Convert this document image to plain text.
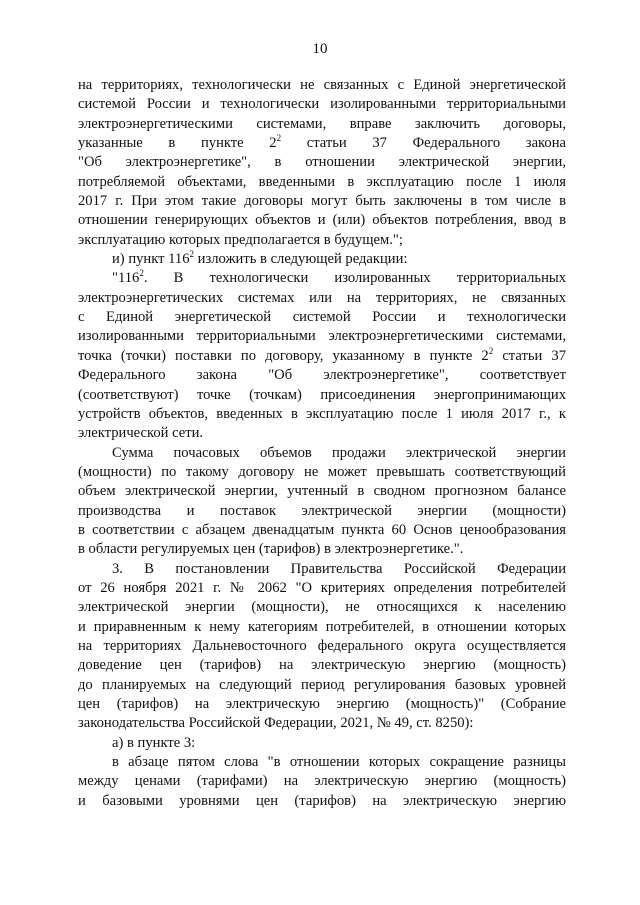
10
на территориях, технологически не связанных с Единой энергетической
системой России и технологически изолированными территориальными
электроэнергетическими системами, вправе заключить договоры,
указанные в пункте $2^2$ статьи 37 Федерального закона
"Об электроэнергетике", в отношении электрической энергии,
потребляемой объектами, введенными в эксплуатацию после 1 июля
2017 г. При этом такие договоры могут быть заключены в том числе в
отношении генерирующих объектов и (или) объектов потребления, ввод в
эксплуатацию которых предполагается в будущем.";
и) пункт $116^2$ изложить в следующей редакции:
"$116^2$. В технологически изолированных территориальных
электроэнергетических системах или на территориях, не связанных
с Единой энергетической системой России и технологически
изолированными территориальными электроэнергетическими системами,
точка (точки) поставки по договору, указанному в пункте $2^2$ статьи 37
Федерального закона "Об электроэнергетике", соответствует
(соответствуют) точке (точкам) присоединения энергопринимающих
устройств объектов, введенных в эксплуатацию после 1 июля 2017 г., к
электрической сети.
Сумма почасовых объемов продажи электрической энергии
(мощности) по такому договору не может превышать соответствующий
объем электрической энергии, учтенный в сводном прогнозном балансе
производства и поставок электрической энергии (мощности)
в соответствии с абзацем двенадцатым пункта 60 Основ ценообразования
в области регулируемых цен (тарифов) в электроэнергетике.".
3. В постановлении Правительства Российской Федерации
от 26 ноября 2021 г. № 2062 "О критериях определения потребителей
электрической энергии (мощности), не относящихся к населению
и приравненным к нему категориям потребителей, в отношении которых
на территориях Дальневосточного федерального округа осуществляется
доведение цен (тарифов) на электрическую энергию (мощность)
до планируемых на следующий период регулирования базовых уровней
цен (тарифов) на электрическую энергию (мощность)" (Собрание
законодательства Российской Федерации, 2021, № 49, ст. 8250):
а) в пункте 3:
в абзаце пятом слова "в отношении которых сокращение разницы
между ценами (тарифами) на электрическую энергию (мощность)
и базовыми уровнями цен (тарифов) на электрическую энергию
